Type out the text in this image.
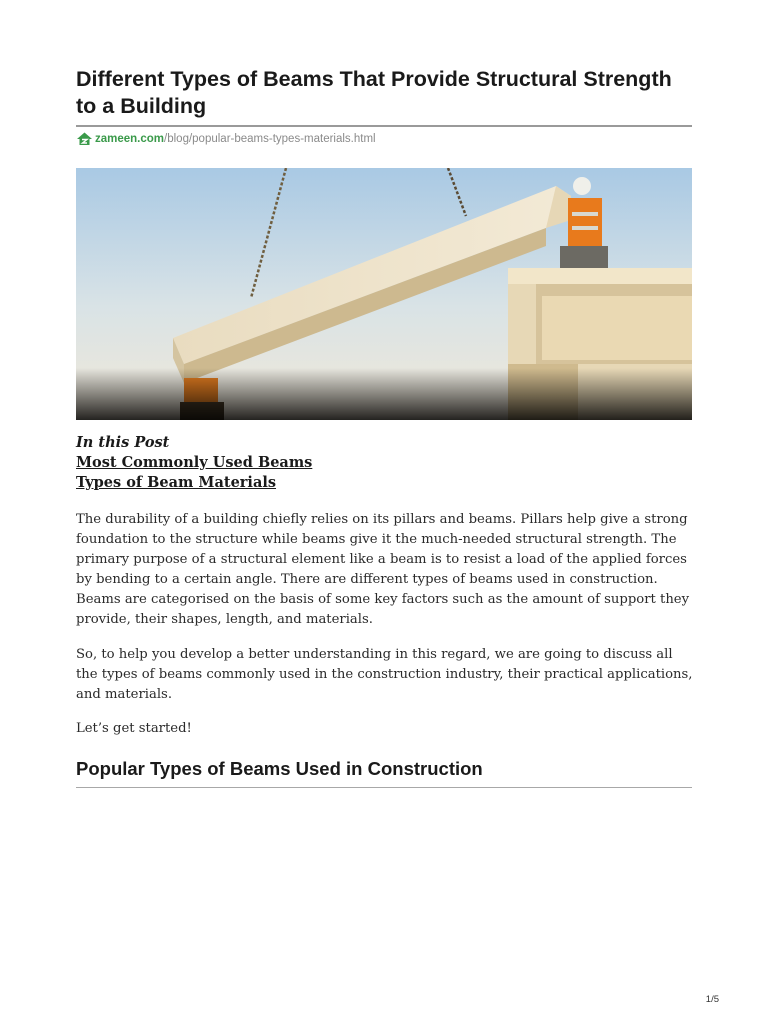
Different Types of Beams That Provide Structural Strength to a Building
zameen.com /blog/popular-beams-types-materials.html
In this Post
Most Commonly Used Beams
Types of Beam Materials

The durability of a building chiefly relies on its pillars and beams. Pillars help give a strong foundation to the structure while beams give it the much-needed structural strength. The primary purpose of a structural element like a beam is to resist a load of the applied forces by bending to a certain angle. There are different types of beams used in construction. Beams are categorised on the basis of some key factors such as the amount of support they provide, their shapes, length, and materials.

So, to help you develop a better understanding in this regard, we are going to discuss all the types of beams commonly used in the construction industry, their practical applications, and materials.

Let’s get started!

Popular Types of Beams Used in Construction
1/5
